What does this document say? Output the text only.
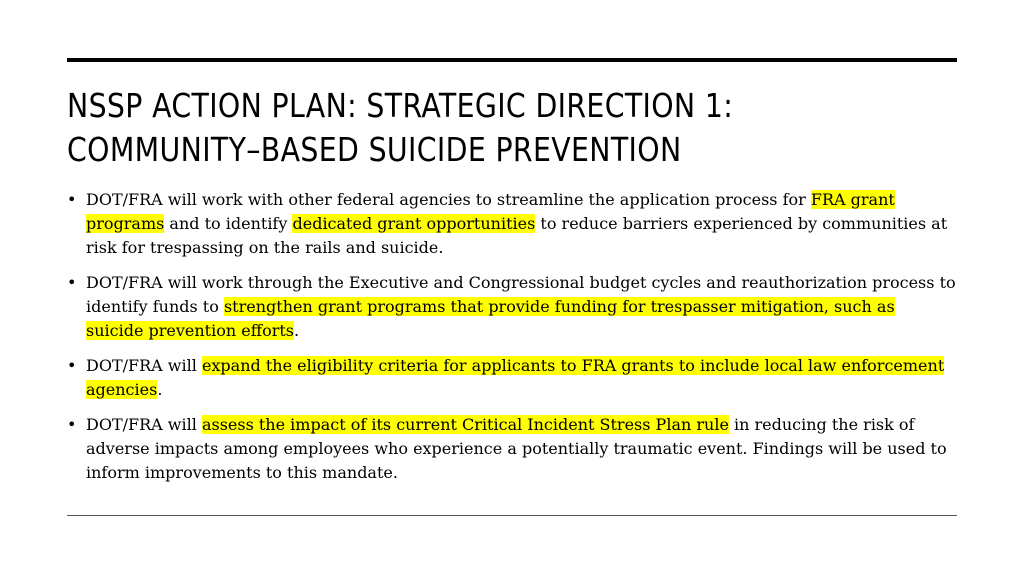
NSSP ACTION PLAN: STRATEGIC DIRECTION 1:
COMMUNITY–BASED SUICIDE PREVENTION
• DOT/FRA will work with other federal agencies to streamline the application process for FRA grant programs and to identify dedicated grant opportunities to reduce barriers experienced by communities at risk for trespassing on the rails and suicide.
• DOT/FRA will work through the Executive and Congressional budget cycles and reauthorization process to identify funds to strengthen grant programs that provide funding for trespasser mitigation, such as suicide prevention efforts.
• DOT/FRA will expand the eligibility criteria for applicants to FRA grants to include local law enforcement agencies.
• DOT/FRA will assess the impact of its current Critical Incident Stress Plan rule in reducing the risk of adverse impacts among employees who experience a potentially traumatic event. Findings will be used to inform improvements to this mandate.
